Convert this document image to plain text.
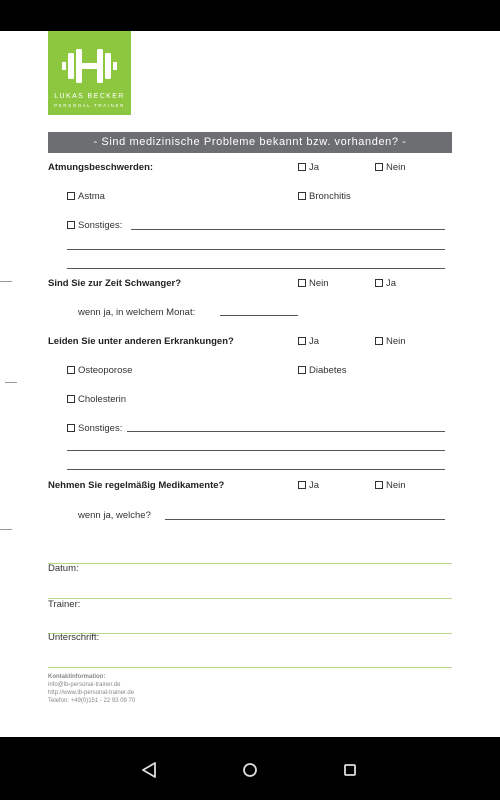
LUKAS BECKER
PERSONAL TRAINER
- Sind medizinische Probleme bekannt bzw. vorhanden? -
Atmungsbeschwerden:	Ja	Nein
Astma	Bronchitis
Sonstiges:
Sind Sie zur Zeit Schwanger?	Nein	Ja
wenn ja, in welchem Monat:
Leiden Sie unter anderen Erkrankungen?	Ja	Nein
Osteoporose	Diabetes
Cholesterin
Sonstiges:
Nehmen Sie regelmäßig Medikamente?	Ja	Nein
wenn ja, welche?
Datum:
Trainer:
Unterschrift:
Kontaktinformation:
info@lb-personal-trainer.de
http://www.lb-personal-trainer.de
Telefon: +49(0)151 - 22 93 09 70
